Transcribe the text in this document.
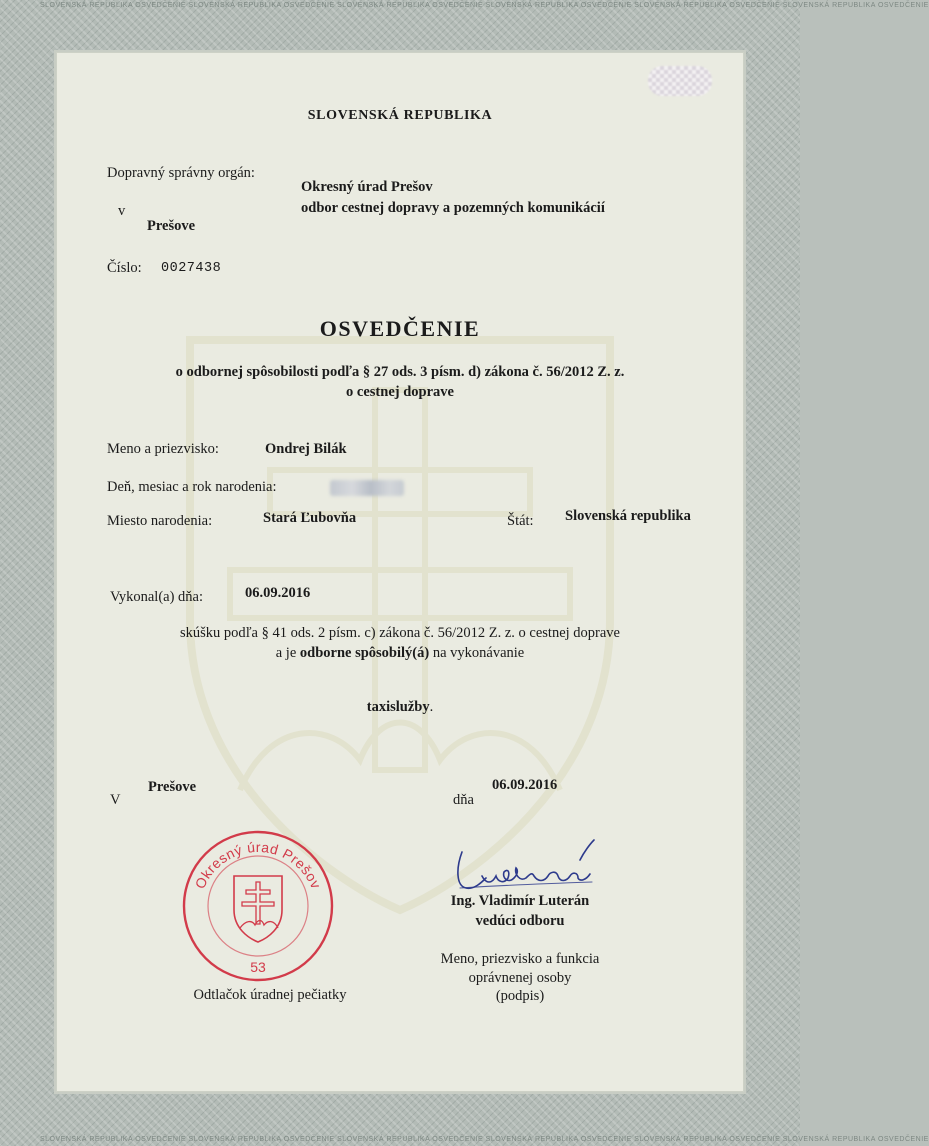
SLOVENSKÁ REPUBLIKA OSVEDČENIE SLOVENSKÁ REPUBLIKA OSVEDČENIE SLOVENSKÁ REPUBLIKA OSVEDČENIE SLOVENSKÁ REPUBLIKA OSVEDČENIE SLOVENSKÁ REPUBLIKA OSVEDČENIE SLOVENSKÁ REPUBLIKA OSVEDČENIE
SLOVENSKÁ REPUBLIKA OSVEDČENIE SLOVENSKÁ REPUBLIKA OSVEDČENIE SLOVENSKÁ REPUBLIKA OSVEDČENIE SLOVENSKÁ REPUBLIKA OSVEDČENIE SLOVENSKÁ REPUBLIKA OSVEDČENIE SLOVENSKÁ REPUBLIKA OSVEDČENIE
SLOVENSKÁ REPUBLIKA
Dopravný správny orgán:
Okresný úrad Prešov
odbor cestnej dopravy a pozemných komunikácií
v
Prešove
Číslo: 0027438
OSVEDČENIE
o odbornej spôsobilosti podľa § 27 ods. 3 písm. d) zákona č. 56/2012 Z. z.
o cestnej doprave
Meno a priezvisko:	Ondrej Bilák
Deň, mesiac a rok narodenia:
Miesto narodenia:	Stará Ľubovňa	Štát: Slovenská republika
Vykonal(a) dňa:	06.09.2016
skúšku podľa § 41 ods. 2 písm. c) zákona č. 56/2012 Z. z. o cestnej doprave
a je odborne spôsobilý(á) na vykonávanie
taxislužby.
V
Prešove
dňa
06.09.2016
Okresný úrad Prešov
53
Odtlačok úradnej pečiatky
Ing. Vladimír Luterán
vedúci odboru
Meno, priezvisko a funkcia
oprávnenej osoby
(podpis)
